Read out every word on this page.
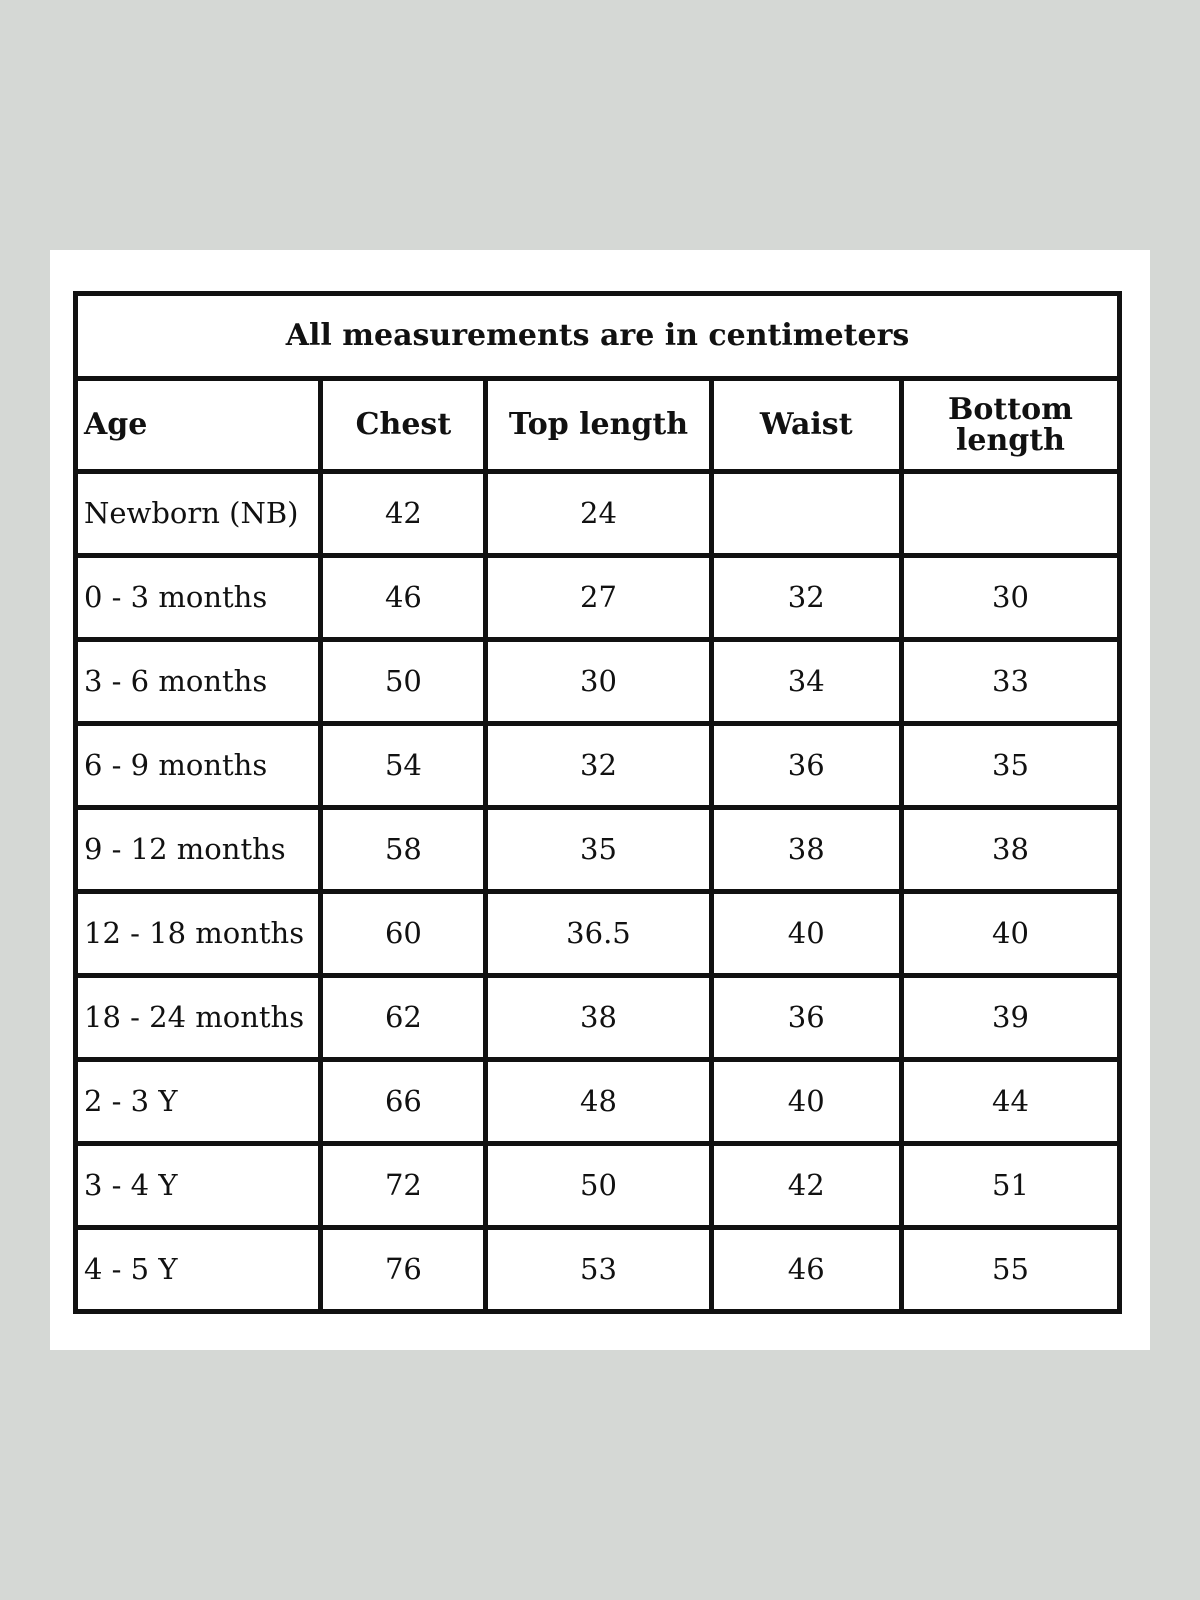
All measurements are in centimeters				
Age	Chest	Top length	Waist	Bottom length
Newborn (NB)	42	24		
0 - 3 months	46	27	32	30
3 - 6 months	50	30	34	33
6 - 9 months	54	32	36	35
9 - 12 months	58	35	38	38
12 - 18 months	60	36.5	40	40
18 - 24 months	62	38	36	39
2 - 3 Y	66	48	40	44
3 - 4 Y	72	50	42	51
4 - 5 Y	76	53	46	55
